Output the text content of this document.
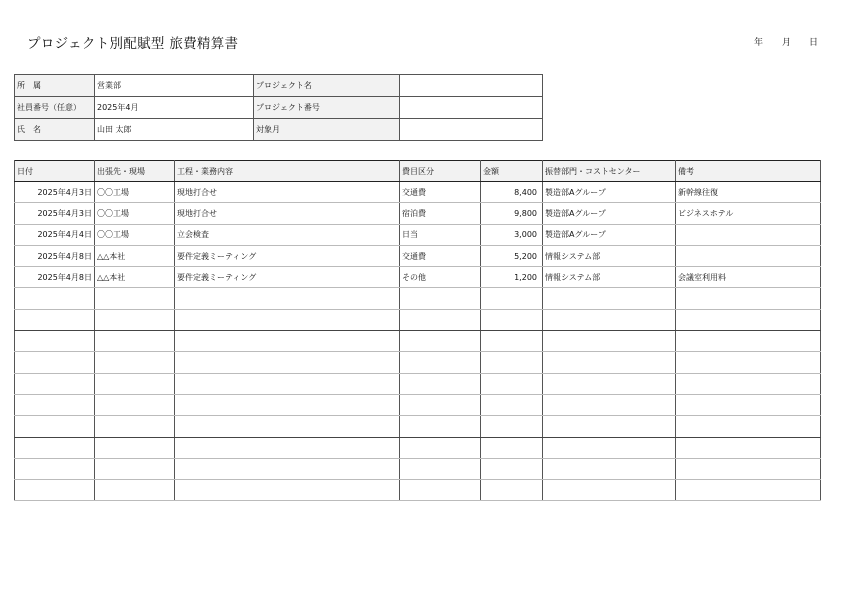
プロジェクト別配賦型 旅費精算書	年 月 日
所　属	営業部	プロジェクト名	
社員番号（任意）	2025年4月	プロジェクト番号	
氏　名	山田 太郎	対象月	
日付	出張先・現場	工程・業務内容	費目区分	金額	振替部門・コストセンター	備考
2025年4月3日	〇〇工場	現地打合せ	交通費	8,400	製造部Aグループ	新幹線往復
2025年4月3日	〇〇工場	現地打合せ	宿泊費	9,800	製造部Aグループ	ビジネスホテル
2025年4月4日	〇〇工場	立会検査	日当	3,000	製造部Aグループ	
2025年4月8日	△△本社	要件定義ミーティング	交通費	5,200	情報システム部	
2025年4月8日	△△本社	要件定義ミーティング	その他	1,200	情報システム部	会議室利用料
